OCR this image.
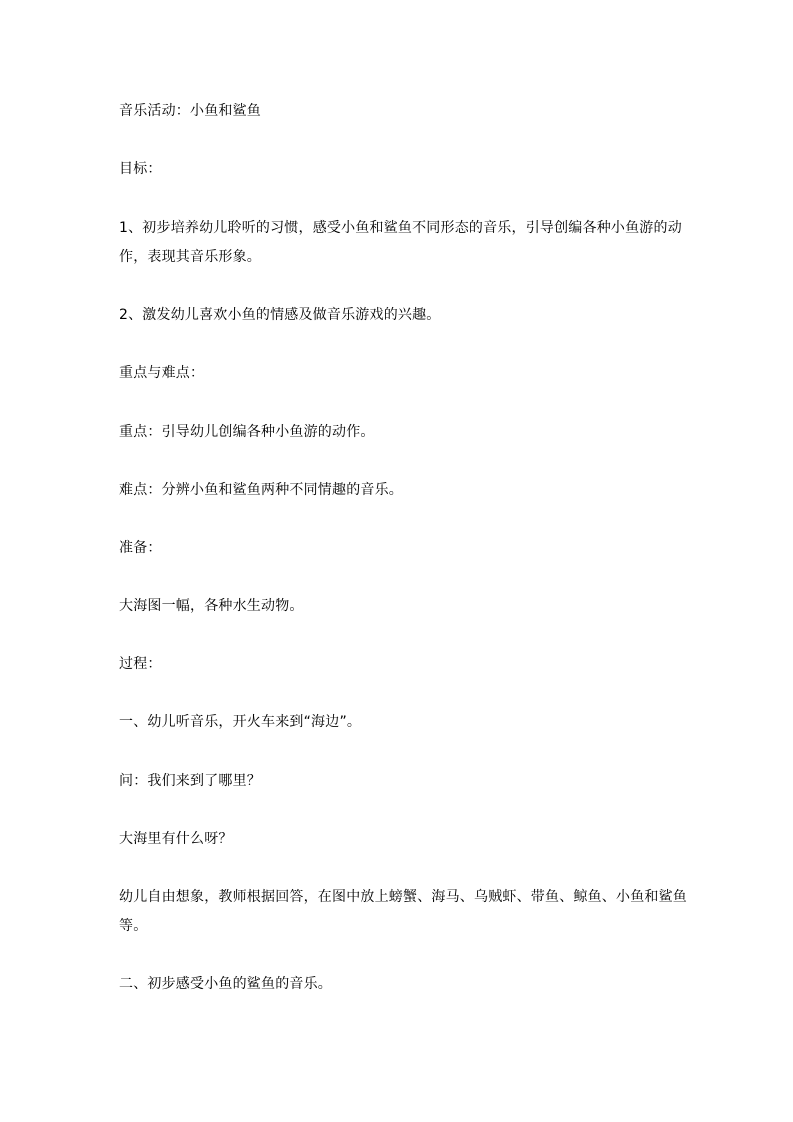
音乐活动：小鱼和鲨鱼
目标：
1、初步培养幼儿聆听的习惯，感受小鱼和鲨鱼不同形态的音乐，引导创编各种小鱼游的动
作，表现其音乐形象。
2、激发幼儿喜欢小鱼的情感及做音乐游戏的兴趣。
重点与难点：
重点：引导幼儿创编各种小鱼游的动作。
难点：分辨小鱼和鲨鱼两种不同情趣的音乐。
准备：
大海图一幅，各种水生动物。
过程：
一、幼儿听音乐，开火车来到“海边”。
问：我们来到了哪里？
大海里有什么呀？
幼儿自由想象，教师根据回答，在图中放上螃蟹、海马、乌贼虾、带鱼、鲸鱼、小鱼和鲨鱼
等。
二、初步感受小鱼的鲨鱼的音乐。
